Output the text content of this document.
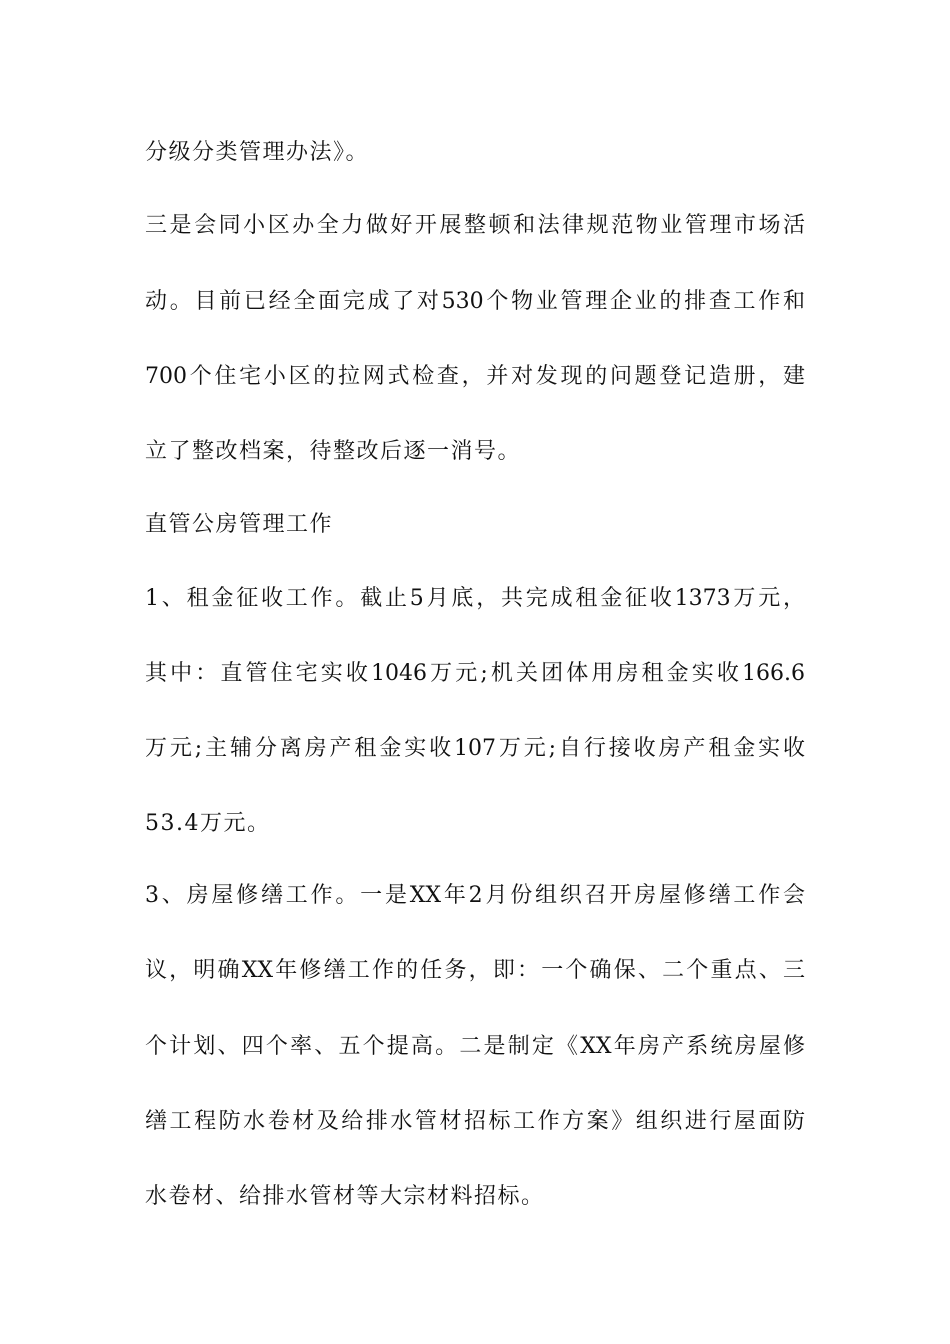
分级分类管理办法》。
三是会同小区办全力做好开展整顿和法律规范物业管理市场活
动。目前已经全面完成了对530个物业管理企业的排查工作和
700个住宅小区的拉网式检查，并对发现的问题登记造册，建
立了整改档案，待整改后逐一消号。
直管公房管理工作
1、租金征收工作。截止5月底，共完成租金征收1373万元，
其中：直管住宅实收1046万元;机关团体用房租金实收166.6
万元;主辅分离房产租金实收107万元;自行接收房产租金实收
53.4万元。
3、房屋修缮工作。一是XX年2月份组织召开房屋修缮工作会
议，明确XX年修缮工作的任务，即：一个确保、二个重点、三
个计划、四个率、五个提高。二是制定《XX年房产系统房屋修
缮工程防水卷材及给排水管材招标工作方案》组织进行屋面防
水卷材、给排水管材等大宗材料招标。
